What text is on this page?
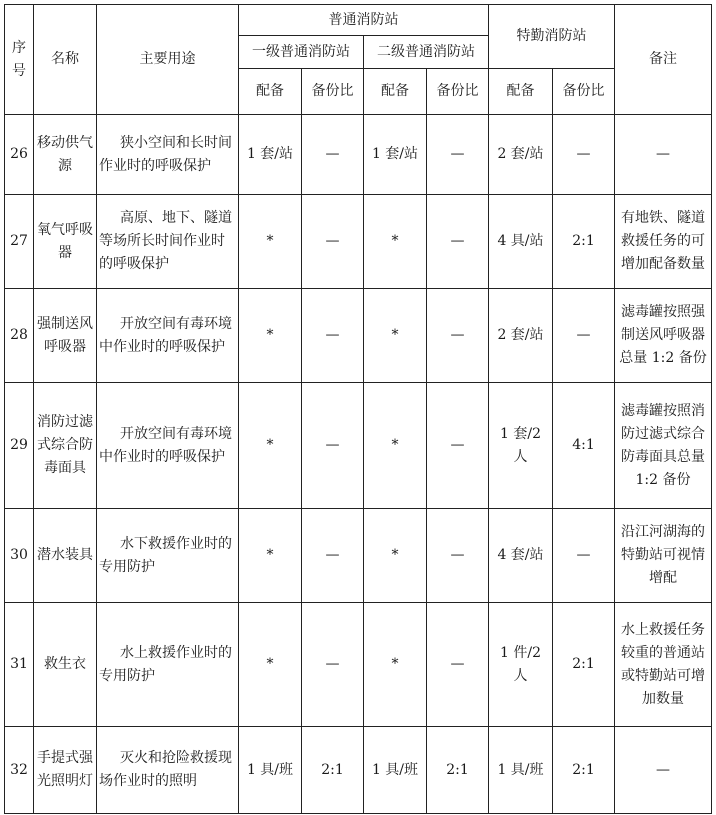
序号	名称	主要用途	普通消防站				特勤消防站		备注
			一级普通消防站		二级普通消防站				
			配备	备份比	配备	备份比	配备	备份比	
26	移动供气源	狭小空间和长时间作业时的呼吸保护	1 套/站	—	1 套/站	—	2 套/站	—	—
27	氧气呼吸器	高原、地下、隧道等场所长时间作业时的呼吸保护	*	—	*	—	4 具/站	2:1	有地铁、隧道救援任务的可增加配备数量
28	强制送风呼吸器	开放空间有毒环境中作业时的呼吸保护	*	—	*	—	2 套/站	—	滤毒罐按照强制送风呼吸器总量 1:2 备份
29	消防过滤式综合防毒面具	开放空间有毒环境中作业时的呼吸保护	*	—	*	—	1 套/2 人	4:1	滤毒罐按照消防过滤式综合防毒面具总量 1:2 备份
30	潜水装具	水下救援作业时的专用防护	*	—	*	—	4 套/站	—	沿江河湖海的特勤站可视情增配
31	救生衣	水上救援作业时的专用防护	*	—	*	—	1 件/2 人	2:1	水上救援任务较重的普通站或特勤站可增加数量
32	手提式强光照明灯	灭火和抢险救援现场作业时的照明	1 具/班	2:1	1 具/班	2:1	1 具/班	2:1	—
